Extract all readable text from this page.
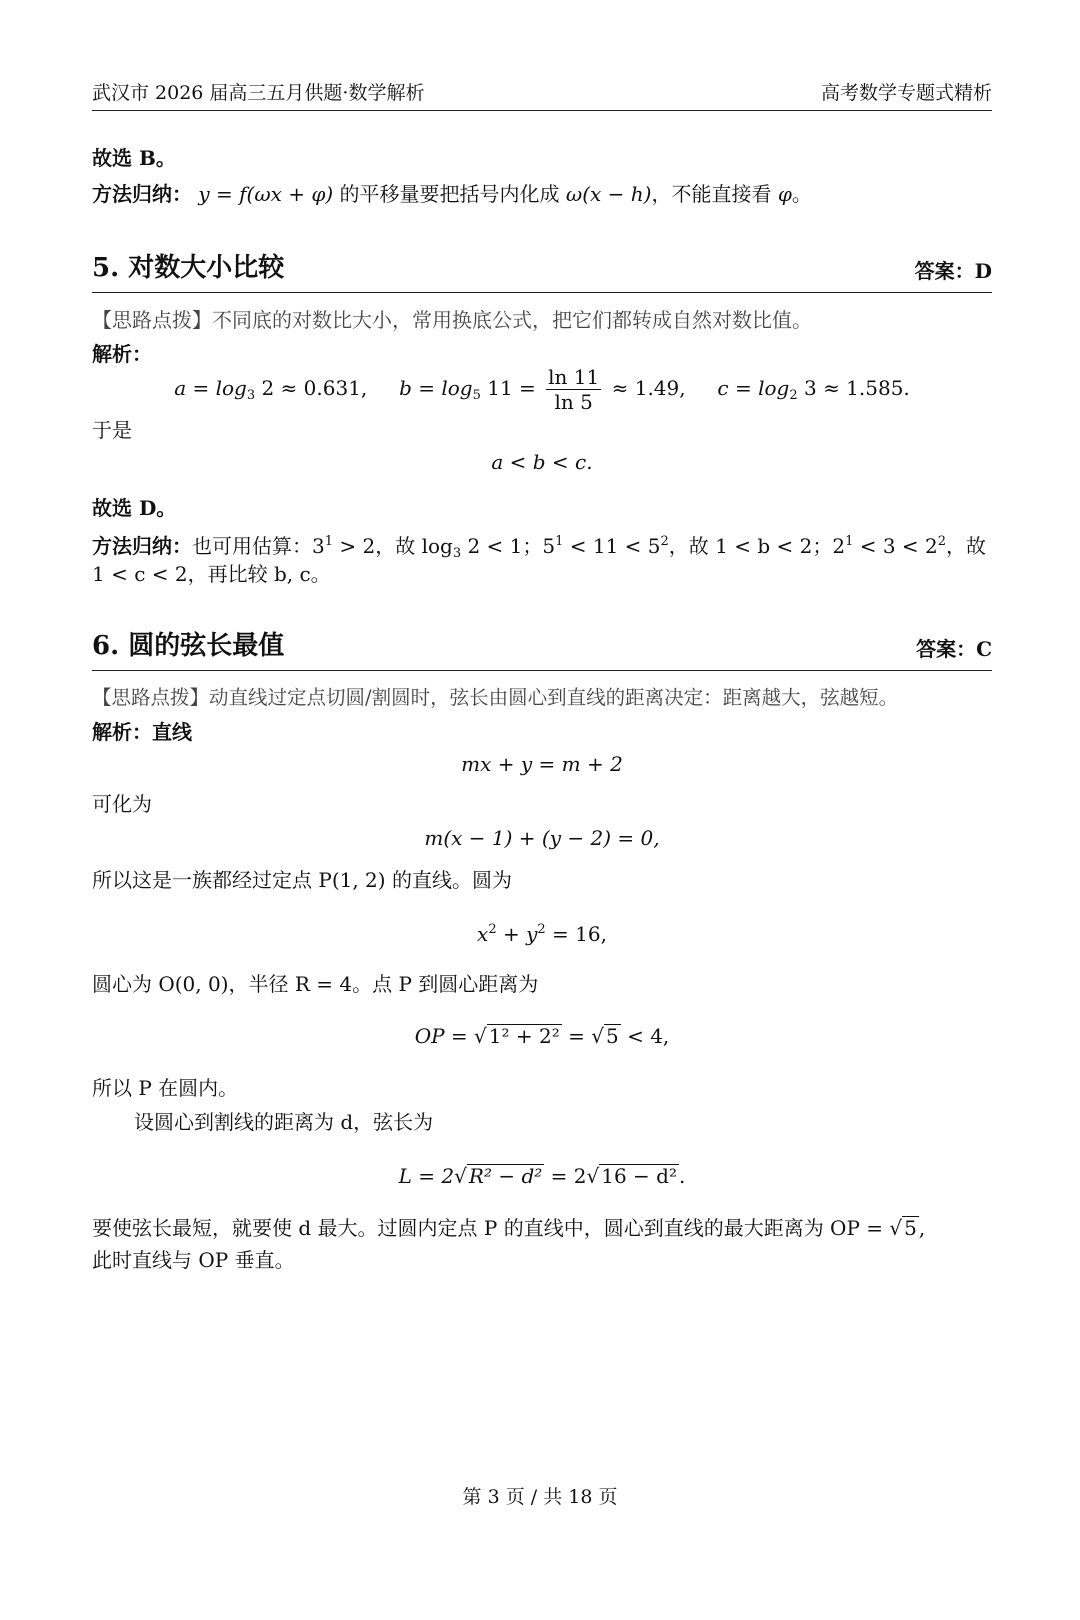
武汉市 2026 届高三五月供题·数学解析	高考数学专题式精析
故选 B。
方法归纳： y = f(ωx + φ) 的平移量要把括号内化成 ω(x − h)，不能直接看 φ。
5. 对数大小比较	答案：D
【思路点拨】不同底的对数比大小，常用换底公式，把它们都转成自然对数比值。
解析：
$a = \log_3 2 \approx 0.631$, $b = \log_5 11 = \frac{\ln 11}{\ln 5} \approx 1.49$, $c = \log_2 3 \approx 1.585$.
于是
a < b < c.
故选 D。
方法归纳：也可用估算：$3^1 > 2$，故 $\log_3 2 < 1$；$5^1 < 11 < 5^2$，故 1 < b < 2；$2^1 < 3 < 2^2$，故
1 < c < 2，再比较 b, c。
6. 圆的弦长最值	答案：C
【思路点拨】动直线过定点切圆/割圆时，弦长由圆心到直线的距离决定：距离越大，弦越短。
解析：直线
mx + y = m + 2
可化为
m(x − 1) + (y − 2) = 0,
所以这是一族都经过定点 P(1, 2) 的直线。圆为
$x^2 + y^2 = 16$,
圆心为 O(0, 0)，半径 R = 4。点 P 到圆心距离为
OP = √ 1² + 2² = √ 5 < 4,
所以 P 在圆内。
设圆心到割线的距离为 d，弦长为
L = 2√ R² − d² = 2√ 16 − d² .
要使弦长最短，就要使 d 最大。过圆内定点 P 的直线中，圆心到直线的最大距离为 OP = √ 5 ,
此时直线与 OP 垂直。
第 3 页 / 共 18 页
